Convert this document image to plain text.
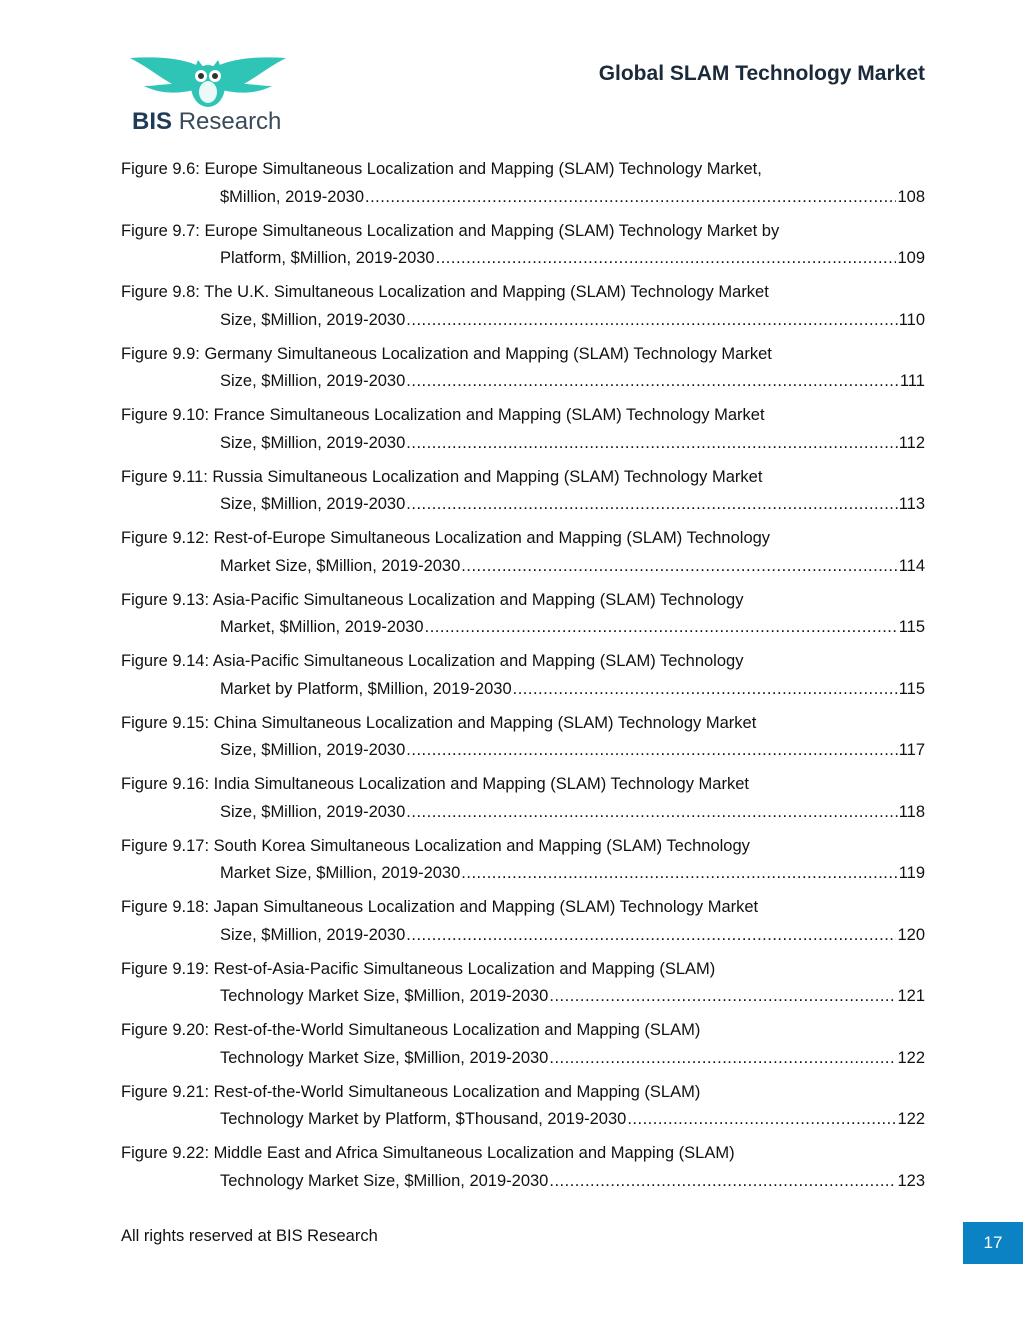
BIS Research
Global SLAM Technology Market
Figure 9.6: Europe Simultaneous Localization and Mapping (SLAM) Technology Market,
$Million, 2019-2030 .....	108
Figure 9.7: Europe Simultaneous Localization and Mapping (SLAM) Technology Market by
Platform, $Million, 2019-2030 .....	109
Figure 9.8: The U.K. Simultaneous Localization and Mapping (SLAM) Technology Market
Size, $Million, 2019-2030 .....	110
Figure 9.9: Germany Simultaneous Localization and Mapping (SLAM) Technology Market
Size, $Million, 2019-2030 .....	111
Figure 9.10: France Simultaneous Localization and Mapping (SLAM) Technology Market
Size, $Million, 2019-2030 .....	112
Figure 9.11: Russia Simultaneous Localization and Mapping (SLAM) Technology Market
Size, $Million, 2019-2030 .....	113
Figure 9.12: Rest-of-Europe Simultaneous Localization and Mapping (SLAM) Technology
Market Size, $Million, 2019-2030 .....	114
Figure 9.13: Asia-Pacific Simultaneous Localization and Mapping (SLAM) Technology
Market, $Million, 2019-2030 .....	115
Figure 9.14: Asia-Pacific Simultaneous Localization and Mapping (SLAM) Technology
Market by Platform, $Million, 2019-2030 .....	115
Figure 9.15: China Simultaneous Localization and Mapping (SLAM) Technology Market
Size, $Million, 2019-2030 .....	117
Figure 9.16: India Simultaneous Localization and Mapping (SLAM) Technology Market
Size, $Million, 2019-2030 .....	118
Figure 9.17: South Korea Simultaneous Localization and Mapping (SLAM) Technology
Market Size, $Million, 2019-2030 .....	119
Figure 9.18: Japan Simultaneous Localization and Mapping (SLAM) Technology Market
Size, $Million, 2019-2030 .....	120
Figure 9.19: Rest-of-Asia-Pacific Simultaneous Localization and Mapping (SLAM)
Technology Market Size, $Million, 2019-2030 .....	121
Figure 9.20: Rest-of-the-World Simultaneous Localization and Mapping (SLAM)
Technology Market Size, $Million, 2019-2030 .....	122
Figure 9.21: Rest-of-the-World Simultaneous Localization and Mapping (SLAM)
Technology Market by Platform, $Thousand, 2019-2030 .....	122
Figure 9.22: Middle East and Africa Simultaneous Localization and Mapping (SLAM)
Technology Market Size, $Million, 2019-2030 .....	123
All rights reserved at BIS Research	17
